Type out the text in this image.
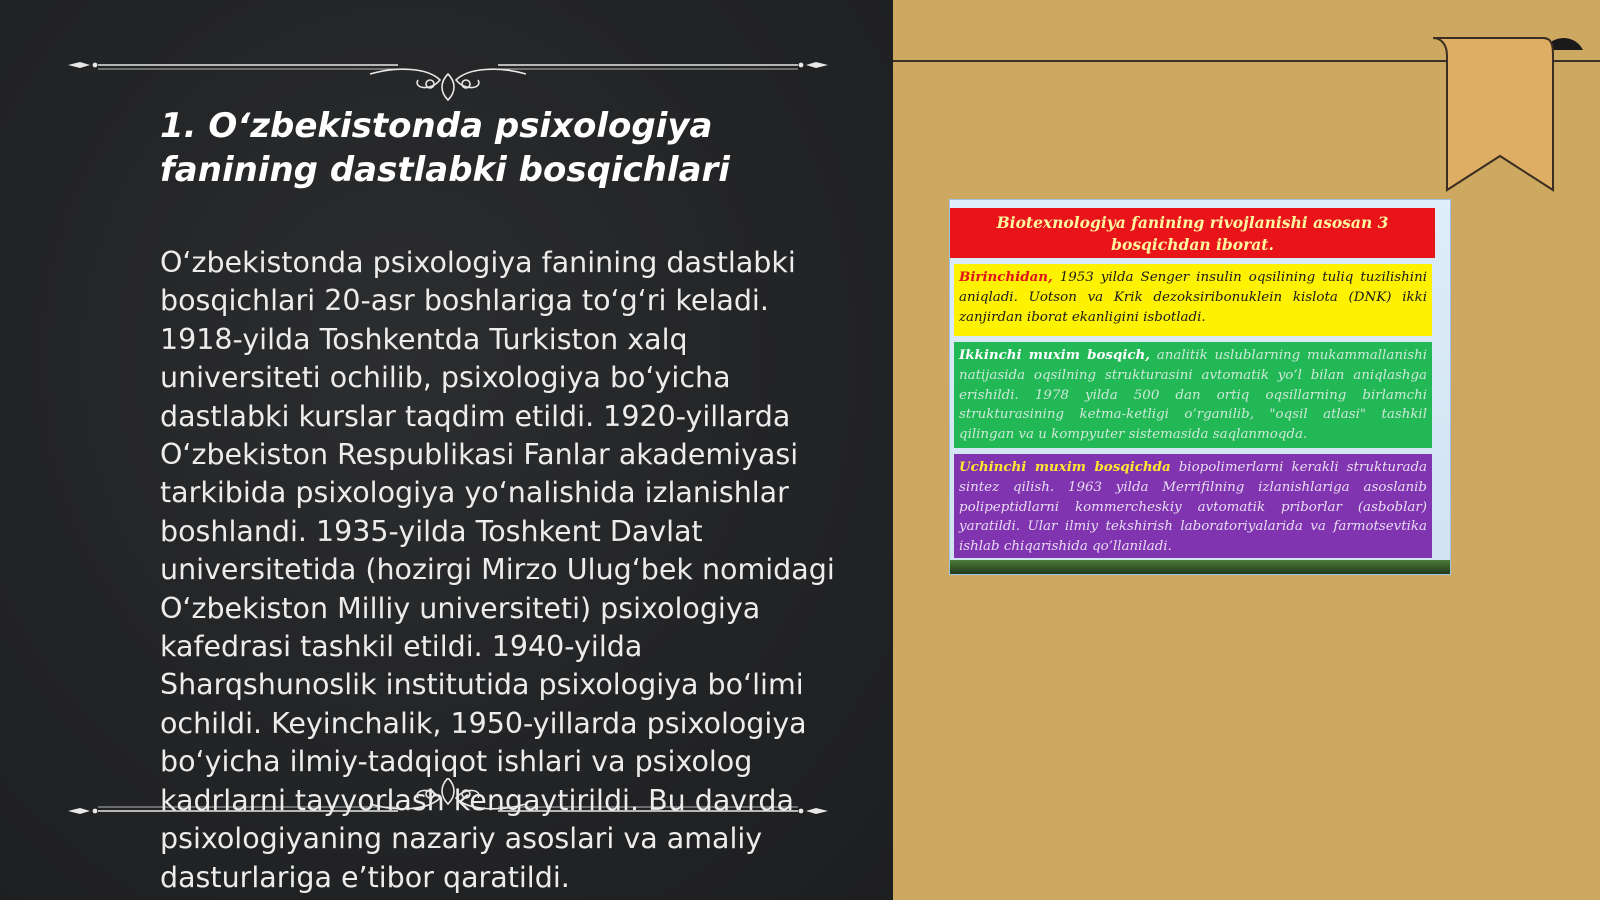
1. O‘zbekistonda psixologiya fanining dastlabki bosqichlari

O‘zbekistonda psixologiya fanining dastlabki bosqichlari 20-asr boshlariga to‘g‘ri keladi. 1918-yilda Toshkentda Turkiston xalq universiteti ochilib, psixologiya bo‘yicha dastlabki kurslar taqdim etildi. 1920-yillarda O‘zbekiston Respublikasi Fanlar akademiyasi tarkibida psixologiya yo‘nalishida izlanishlar boshlandi. 1935-yilda Toshkent Davlat universitetida (hozirgi Mirzo Ulug‘bek nomidagi O‘zbekiston Milliy universiteti) psixologiya kafedrasi tashkil etildi. 1940-yilda Sharqshunoslik institutida psixologiya bo‘limi ochildi. Keyinchalik, 1950-yillarda psixologiya bo‘yicha ilmiy-tadqiqot ishlari va psixolog kadrlarni tayyorlash kengaytirildi. Bu davrda psixologiyaning nazariy asoslari va amaliy dasturlariga e’tibor qaratildi.

Biotexnologiya fanining rivojlanishi asosan 3 bosqichdan iborat.
Birinchidan, 1953 yilda Senger insulin oqsilining tuliq tuzilishini aniqladi. Uotson va Krik dezoksiribonuklein kislota (DNK) ikki zanjirdan iborat ekanligini isbotladi.
Ikkinchi muxim bosqich, analitik uslublarning mukammallanishi natijasida oqsilning strukturasini avtomatik yo’l bilan aniqlashga erishildi. 1978 yilda 500 dan ortiq oqsillarning birlamchi strukturasining ketma-ketligi o’rganilib, "oqsil atlasi" tashkil qilingan va u kompyuter sistemasida saqlanmoqda.
Uchinchi muxim bosqichda biopolimerlarni kerakli strukturada sintez qilish. 1963 yilda Merrifilning izlanishlariga asoslanib polipeptidlarni kommercheskiy avtomatik priborlar (asboblar) yaratildi. Ular ilmiy tekshirish laboratoriyalarida va farmotsevtika ishlab chiqarishida qo’llaniladi.
